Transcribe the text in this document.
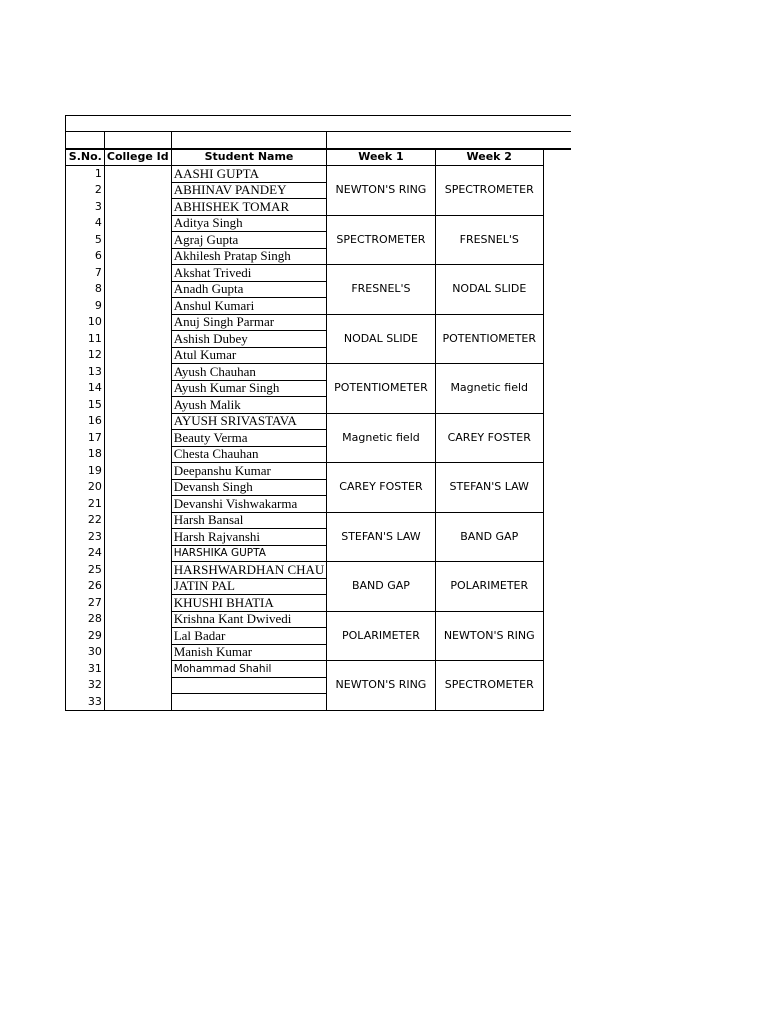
S.No.	College Id	Student Name	Week 1	Week 2	
1		AASHI GUPTA	NEWTON'S RING	SPECTROMETER	
2		ABHINAV PANDEY			
3		ABHISHEK TOMAR			
4		Aditya Singh	SPECTROMETER	FRESNEL'S	
5		Agraj Gupta			
6		Akhilesh Pratap Singh			
7		Akshat Trivedi	FRESNEL'S	NODAL SLIDE	
8		Anadh Gupta			
9		Anshul Kumari			
10		Anuj Singh Parmar	NODAL SLIDE	POTENTIOMETER	
11		Ashish Dubey			
12		Atul Kumar			
13		Ayush Chauhan	POTENTIOMETER	Magnetic field	
14		Ayush Kumar Singh			
15		Ayush Malik			
16		AYUSH SRIVASTAVA	Magnetic field	CAREY FOSTER	
17		Beauty Verma			
18		Chesta Chauhan			
19		Deepanshu Kumar	CAREY FOSTER	STEFAN'S LAW	
20		Devansh Singh			
21		Devanshi Vishwakarma			
22		Harsh Bansal	STEFAN'S LAW	BAND GAP	
23		Harsh Rajvanshi			
24		HARSHIKA GUPTA			
25		HARSHWARDHAN CHAU	BAND GAP	POLARIMETER	
26		JATIN PAL			
27		KHUSHI BHATIA			
28		Krishna Kant Dwivedi	POLARIMETER	NEWTON'S RING	
29		Lal Badar			
30		Manish Kumar			
31		Mohammad Shahil	NEWTON'S RING	SPECTROMETER	
32					
33					
